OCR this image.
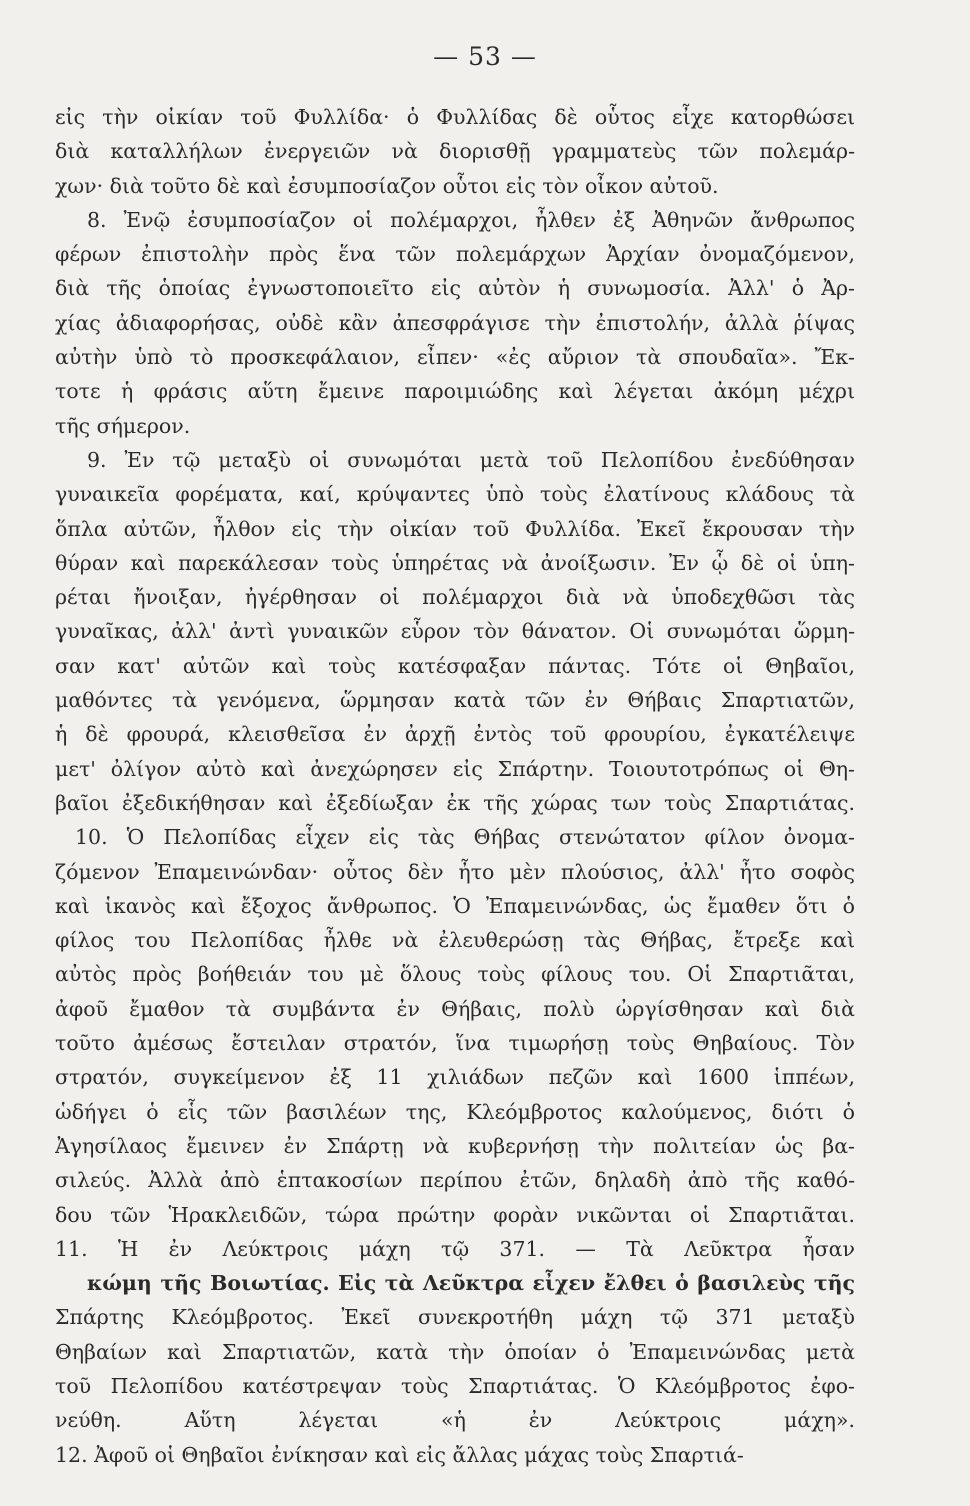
— 53 —
εἰς τὴν οἰκίαν τοῦ Φυλλίδα· ὁ Φυλλίδας δὲ οὗτος εἶχε κατορθώσει
διὰ καταλλήλων ἐνεργειῶν νὰ διορισθῇ γραμματεὺς τῶν πολεμάρ-
χων· διὰ τοῦτο δὲ καὶ ἐσυμποσίαζον οὗτοι εἰς τὸν οἶκον αὐτοῦ.
8. Ἐνῷ ἐσυμποσίαζον οἱ πολέμαρχοι, ἦλθεν ἐξ Ἀθηνῶν ἄνθρωπος
φέρων ἐπιστολὴν πρὸς ἕνα τῶν πολεμάρχων Ἀρχίαν ὀνομαζόμενον,
διὰ τῆς ὁποίας ἐγνωστοποιεῖτο εἰς αὐτὸν ἡ συνωμοσία. Ἀλλ' ὁ Ἀρ-
χίας ἀδιαφορήσας, οὐδὲ κἂν ἀπεσφράγισε τὴν ἐπιστολήν, ἀλλὰ ῥίψας
αὐτὴν ὑπὸ τὸ προσκεφάλαιον, εἶπεν· «ἐς αὔριον τὰ σπουδαῖα». Ἔκ-
τοτε ἡ φράσις αὕτη ἔμεινε παροιμιώδης καὶ λέγεται ἀκόμη μέχρι
τῆς σήμερον.
9. Ἐν τῷ μεταξὺ οἱ συνωμόται μετὰ τοῦ Πελοπίδου ἐνεδύθησαν
γυναικεῖα φορέματα, καί, κρύψαντες ὑπὸ τοὺς ἐλατίνους κλάδους τὰ
ὅπλα αὐτῶν, ἦλθον εἰς τὴν οἰκίαν τοῦ Φυλλίδα. Ἐκεῖ ἔκρουσαν τὴν
θύραν καὶ παρεκάλεσαν τοὺς ὑπηρέτας νὰ ἀνοίξωσιν. Ἐν ᾧ δὲ οἱ ὑπη-
ρέται ἤνοιξαν, ἠγέρθησαν οἱ πολέμαρχοι διὰ νὰ ὑποδεχθῶσι τὰς
γυναῖκας, ἀλλ' ἀντὶ γυναικῶν εὗρον τὸν θάνατον. Οἱ συνωμόται ὥρμη-
σαν κατ' αὐτῶν καὶ τοὺς κατέσφαξαν πάντας. Τότε οἱ Θηβαῖοι,
μαθόντες τὰ γενόμενα, ὥρμησαν κατὰ τῶν ἐν Θήβαις Σπαρτιατῶν,
ἡ δὲ φρουρά, κλεισθεῖσα ἐν ἀρχῇ ἐντὸς τοῦ φρουρίου, ἐγκατέλειψε
μετ' ὀλίγον αὐτὸ καὶ ἀνεχώρησεν εἰς Σπάρτην. Τοιουτοτρόπως οἱ Θη-
βαῖοι ἐξεδικήθησαν καὶ ἐξεδίωξαν ἐκ τῆς χώρας των τοὺς Σπαρτιάτας.
10. Ὁ Πελοπίδας εἶχεν εἰς τὰς Θήβας στενώτατον φίλον ὀνομα-
ζόμενον Ἐπαμεινώνδαν· οὗτος δὲν ἦτο μὲν πλούσιος, ἀλλ' ἦτο σοφὸς
καὶ ἱκανὸς καὶ ἔξοχος ἄνθρωπος. Ὁ Ἐπαμεινώνδας, ὡς ἔμαθεν ὅτι ὁ
φίλος του Πελοπίδας ἦλθε νὰ ἐλευθερώσῃ τὰς Θήβας, ἔτρεξε καὶ
αὐτὸς πρὸς βοήθειάν του μὲ ὅλους τοὺς φίλους του. Οἱ Σπαρτιᾶται,
ἀφοῦ ἔμαθον τὰ συμβάντα ἐν Θήβαις, πολὺ ὠργίσθησαν καὶ διὰ
τοῦτο ἀμέσως ἔστειλαν στρατόν, ἵνα τιμωρήσῃ τοὺς Θηβαίους. Τὸν
στρατόν, συγκείμενον ἐξ 11 χιλιάδων πεζῶν καὶ 1600 ἱππέων,
ὡδήγει ὁ εἷς τῶν βασιλέων της, Κλεόμβροτος καλούμενος, διότι ὁ
Ἀγησίλαος ἔμεινεν ἐν Σπάρτῃ νὰ κυβερνήσῃ τὴν πολιτείαν ὡς βα-
σιλεύς. Ἀλλὰ ἀπὸ ἑπτακοσίων περίπου ἐτῶν, δηλαδὴ ἀπὸ τῆς καθό-
δου τῶν Ἡρακλειδῶν, τώρα πρώτην φορὰν νικῶνται οἱ Σπαρτιᾶται.
11. Ἡ ἐν Λεύκτροις μάχη τῷ 371. — Τὰ Λεῦκτρα ἦσαν
κώμη τῆς Βοιωτίας. Εἰς τὰ Λεῦκτρα εἶχεν ἔλθει ὁ βασιλεὺς τῆς
Σπάρτης Κλεόμβροτος. Ἐκεῖ συνεκροτήθη μάχη τῷ 371 μεταξὺ
Θηβαίων καὶ Σπαρτιατῶν, κατὰ τὴν ὁποίαν ὁ Ἐπαμεινώνδας μετὰ
τοῦ Πελοπίδου κατέστρεψαν τοὺς Σπαρτιάτας. Ὁ Κλεόμβροτος ἐφο-
νεύθη. Αὕτη λέγεται «ἡ ἐν Λεύκτροις μάχη».
12. Ἀφοῦ οἱ Θηβαῖοι ἐνίκησαν καὶ εἰς ἄλλας μάχας τοὺς Σπαρτιά-
